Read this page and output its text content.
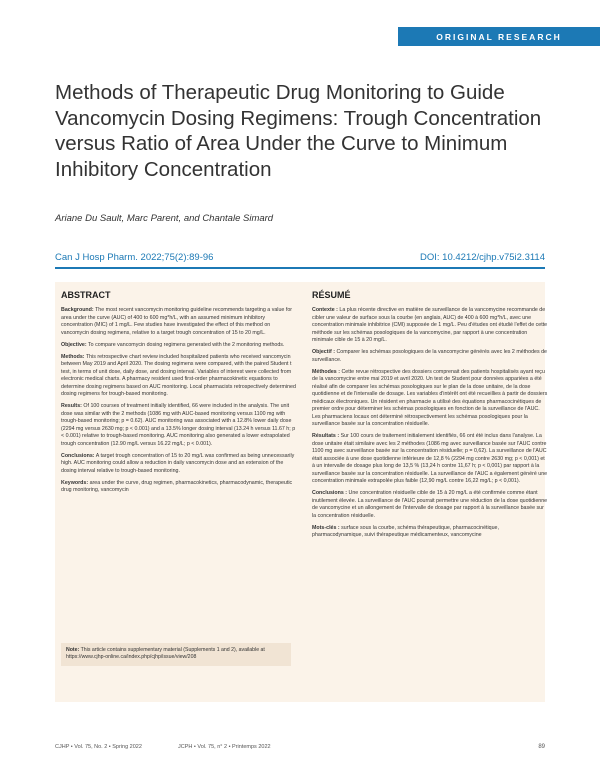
ORIGINAL RESEARCH
Methods of Therapeutic Drug Monitoring to Guide Vancomycin Dosing Regimens: Trough Concentration versus Ratio of Area Under the Curve to Minimum Inhibitory Concentration
Ariane Du Sault, Marc Parent, and Chantale Simard
Can J Hosp Pharm. 2022;75(2):89-96	DOI: 10.4212/cjhp.v75i2.3114
ABSTRACT

Background: The most recent vancomycin monitoring guideline recommends targeting a value for area under the curve (AUC) of 400 to 600 mg*h/L, with an assumed minimum inhibitory concentration (MIC) of 1 mg/L. Few studies have investigated the effect of this method on vancomycin dosing regimens, relative to a target trough concentration of 15 to 20 mg/L.

Objective: To compare vancomycin dosing regimens generated with the 2 monitoring methods.

Methods: This retrospective chart review included hospitalized patients who received vancomycin between May 2019 and April 2020. The dosing regimens were compared, with the paired Student t test, in terms of unit dose, daily dose, and dosing interval. Variables of interest were collected from electronic medical charts. A pharmacy resident used first-order pharmacokinetic equations to determine dosing regimens based on AUC monitoring. Local pharmacists retrospectively determined dosing regimens for trough-based monitoring.

Results: Of 100 courses of treatment initially identified, 66 were included in the analysis. The unit dose was similar with the 2 methods (1086 mg with AUC-based monitoring versus 1100 mg with trough-based monitoring; p = 0.62). AUC monitoring was associated with a 12.8% lower daily dose (2294 mg versus 2630 mg; p < 0.001) and a 13.5% longer dosing interval (13.24 h versus 11.67 h; p < 0.001) relative to trough-based monitoring. AUC monitoring also generated a lower extrapolated trough concentration (12.90 mg/L versus 16.22 mg/L; p < 0.001).

Conclusions: A target trough concentration of 15 to 20 mg/L was confirmed as being unnecessarily high. AUC monitoring could allow a reduction in daily vancomycin dose and an extension of the dosing interval relative to trough-based monitoring.

Keywords: area under the curve, drug regimen, pharmacokinetics, pharmacodynamic, therapeutic drug monitoring, vancomycin

Note: This article contains supplementary material (Supplements 1 and 2), available at https://www.cjhp-online.ca/index.php/cjhp/issue/view/208
RÉSUMÉ

Contexte : La plus récente directive en matière de surveillance de la vancomycine recommande de cibler une valeur de surface sous la courbe (en anglais, AUC) de 400 à 600 mg*h/L, avec une concentration minimale inhibitrice (CMI) supposée de 1 mg/L. Peu d'études ont étudié l'effet de cette méthode sur les schémas posologiques de la vancomycine, par rapport à une concentration minimale cible de 15 à 20 mg/L.

Objectif : Comparer les schémas posologiques de la vancomycine générés avec les 2 méthodes de surveillance.

Méthodes : Cette revue rétrospective des dossiers comprenait des patients hospitalisés ayant reçu de la vancomycine entre mai 2019 et avril 2020. Un test de Student pour données appariées a été réalisé afin de comparer les schémas posologiques sur le plan de la dose unitaire, de la dose quotidienne et de l'intervalle de dosage. Les variables d'intérêt ont été recueillies à partir de dossiers médicaux électroniques. Un résident en pharmacie a utilisé des équations pharmacocinétiques de premier ordre pour déterminer les schémas posologiques en fonction de la surveillance de l'AUC. Les pharmaciens locaux ont déterminé rétrospectivement les schémas posologiques pour la surveillance basée sur la concentration résiduelle.

Résultats : Sur 100 cours de traitement initialement identifiés, 66 ont été inclus dans l'analyse. La dose unitaire était similaire avec les 2 méthodes (1086 mg avec surveillance basée sur l'AUC contre 1100 mg avec surveillance basée sur la concentration résiduelle; p = 0,62). La surveillance de l'AUC était associée à une dose quotidienne inférieure de 12,8 % (2294 mg contre 2630 mg; p < 0,001) et à un intervalle de dosage plus long de 13,5 % (13,24 h contre 11,67 h; p < 0,001) par rapport à la surveillance basée sur la concentration résiduelle. La surveillance de l'AUC a également généré une concentration minimale extrapolée plus faible (12,90 mg/L contre 16,22 mg/L; p < 0,001).

Conclusions : Une concentration résiduelle cible de 15 à 20 mg/L a été confirmée comme étant inutilement élevée. La surveillance de l'AUC pourrait permettre une réduction de la dose quotidienne de vancomycine et un allongement de l'intervalle de dosage par rapport à la surveillance basée sur la concentration résiduelle.

Mots-clés : surface sous la courbe, schéma thérapeutique, pharmacocinétique, pharmacodynamique, suivi thérapeutique médicamenteux, vancomycine

CJHP • Vol. 75, No. 2 • Spring 2022	JCPH • Vol. 75, n° 2 • Printemps 2022	89
